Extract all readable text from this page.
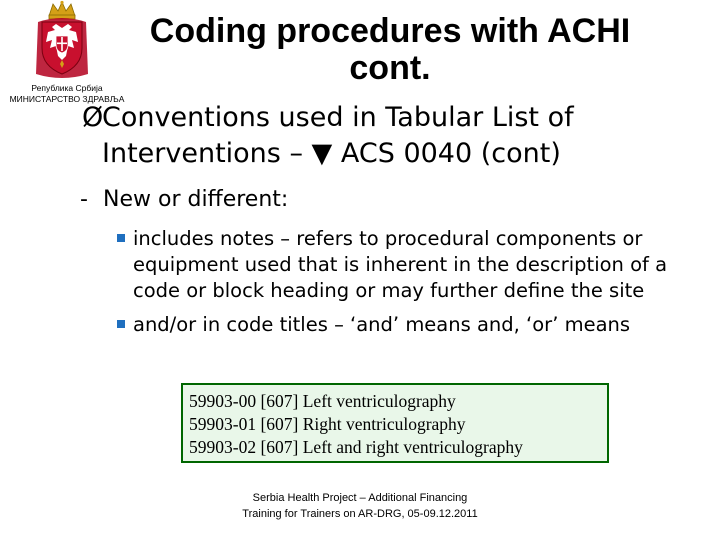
Република Србија
МИНИСТАРСТВО ЗДРАВЉА
Coding procedures with ACHI
cont.
ØConventions used in Tabular List of
Interventions – ▼ ACS 0040 (cont)
- New or different:
includes notes – refers to procedural components or equipment used that is inherent in the description of a code or block heading or may further define the site
and/or in code titles – ‘and’ means and, ‘or’ means
59903-00 [607] Left ventriculography
59903-01 [607] Right ventriculography
59903-02 [607] Left and right ventriculography
Serbia Health Project – Additional Financing
Training for Trainers on AR-DRG, 05-09.12.2011
